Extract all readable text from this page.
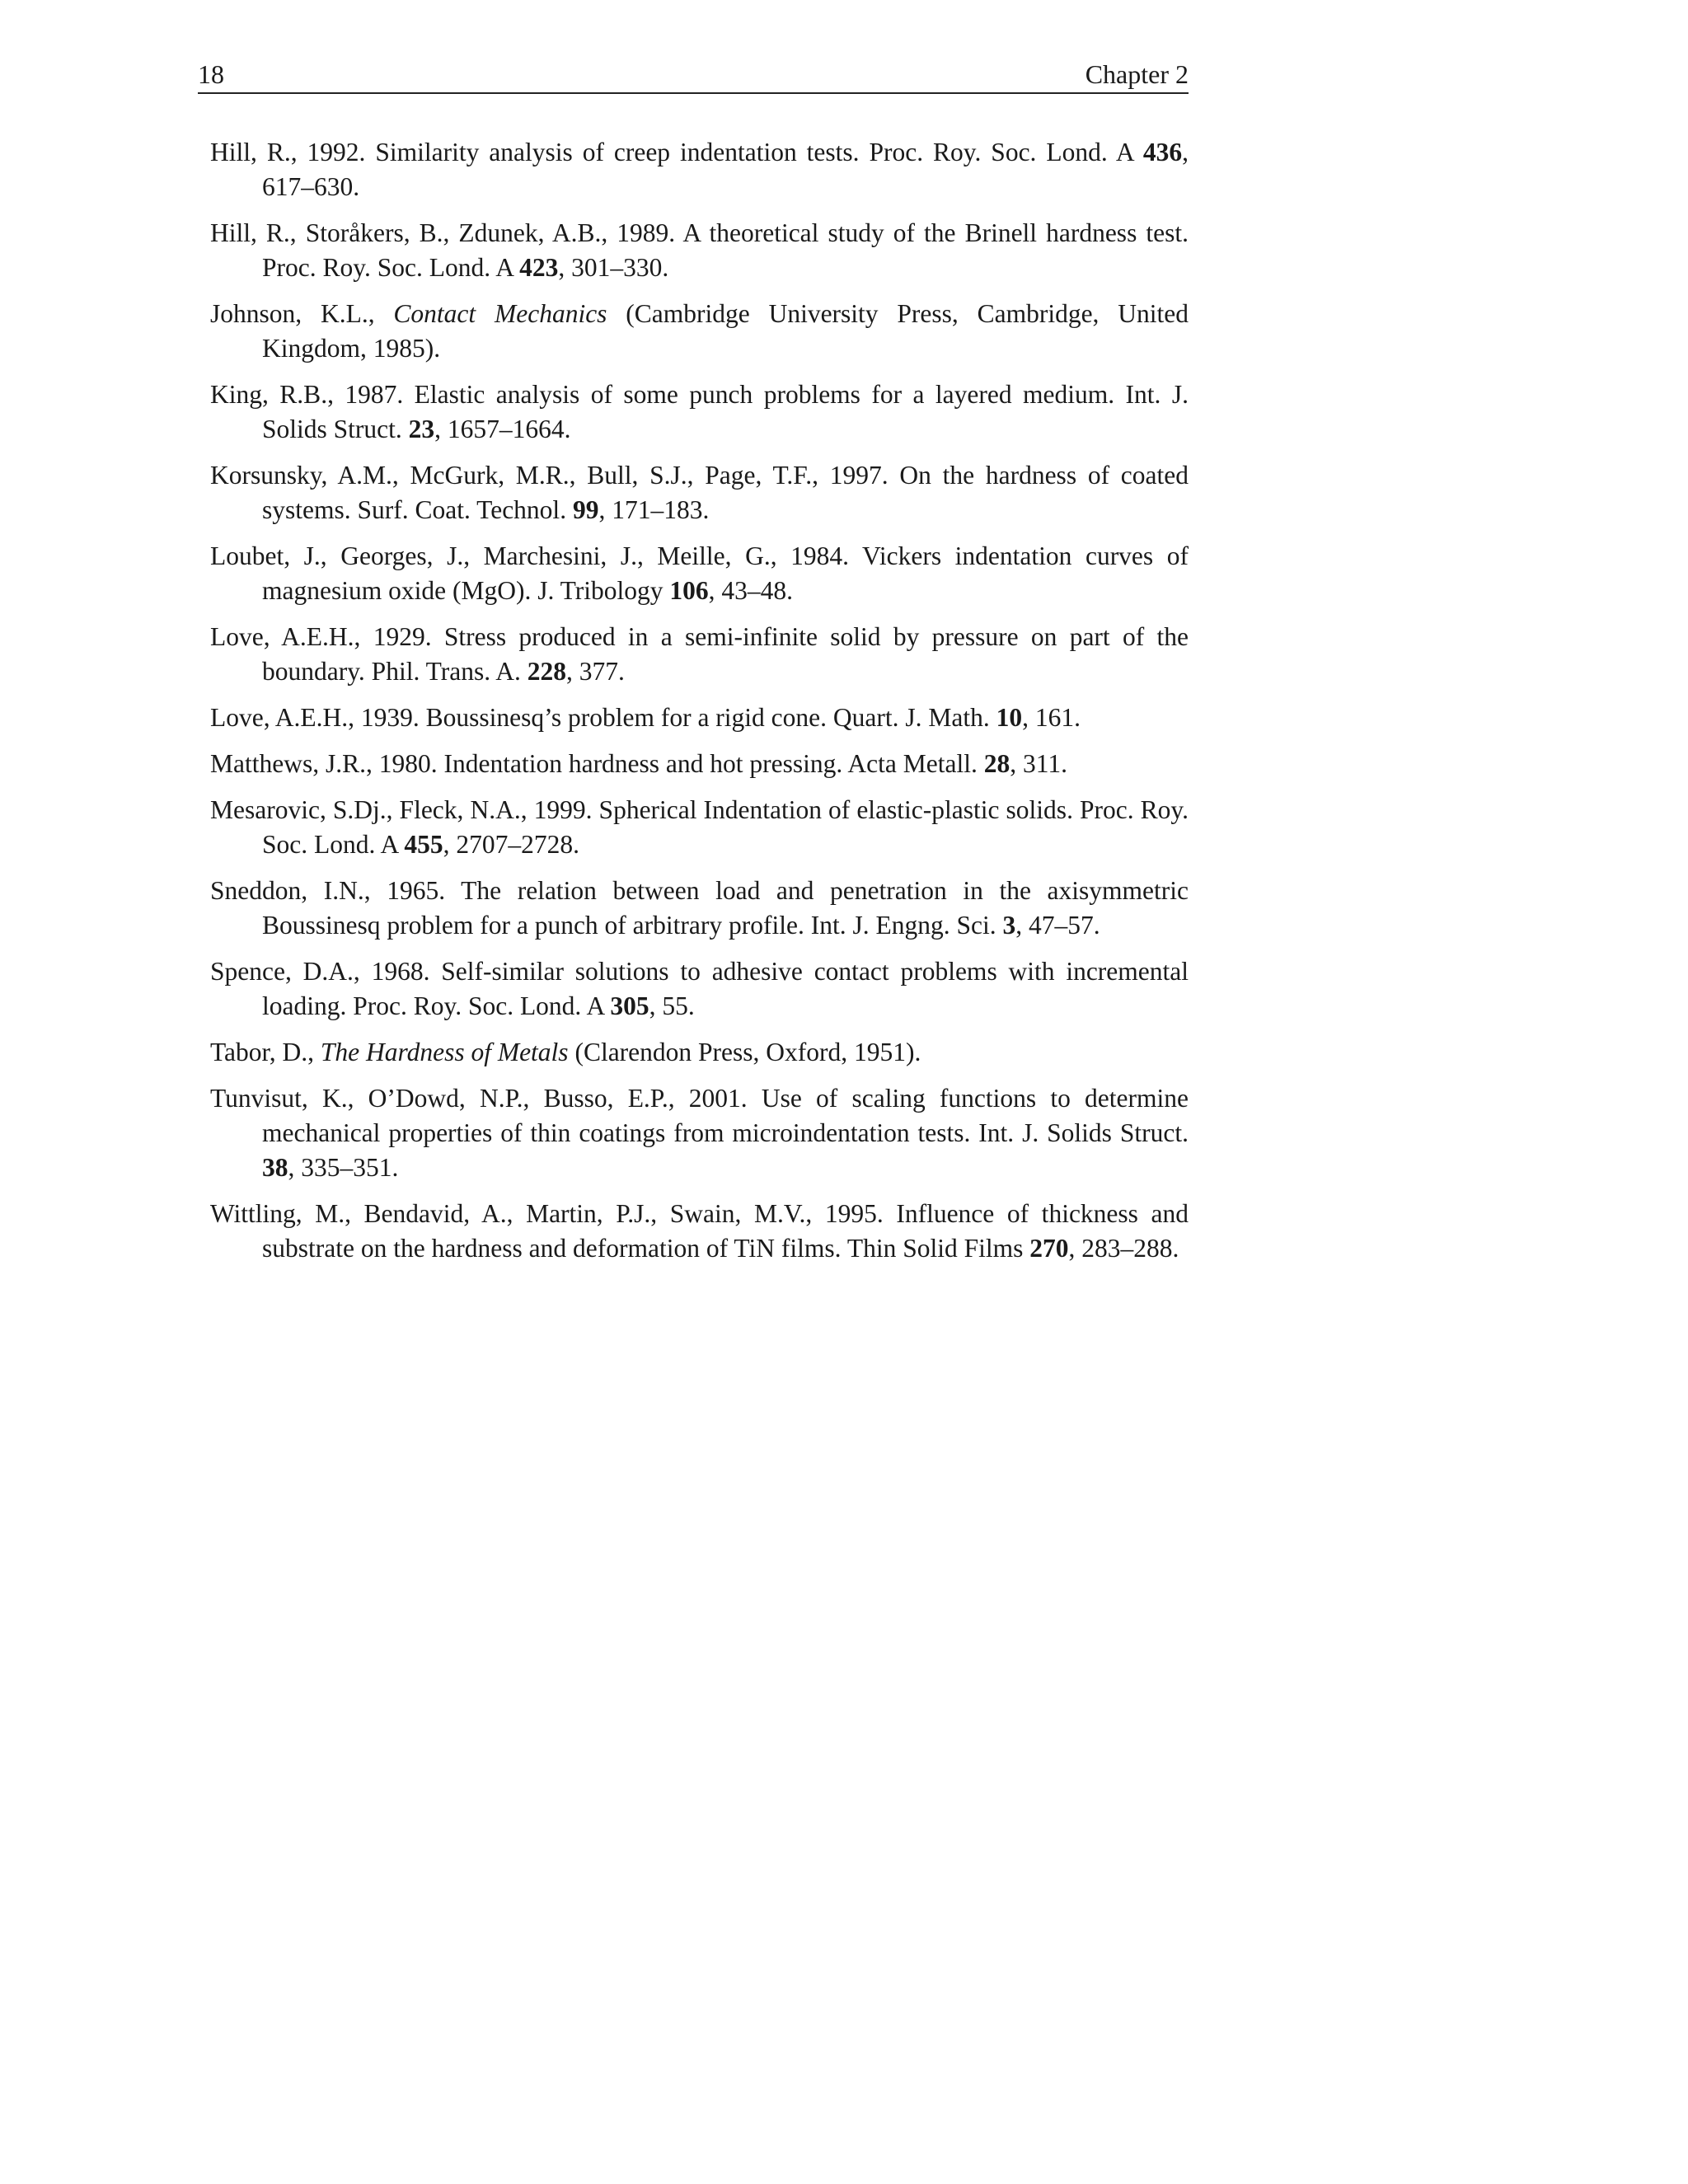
18	Chapter 2
Hill, R., 1992. Similarity analysis of creep indentation tests. Proc. Roy. Soc. Lond. A 436, 617–630.
Hill, R., Storåkers, B., Zdunek, A.B., 1989. A theoretical study of the Brinell hardness test. Proc. Roy. Soc. Lond. A 423, 301–330.
Johnson, K.L., Contact Mechanics (Cambridge University Press, Cambridge, United Kingdom, 1985).
King, R.B., 1987. Elastic analysis of some punch problems for a layered medium. Int. J. Solids Struct. 23, 1657–1664.
Korsunsky, A.M., McGurk, M.R., Bull, S.J., Page, T.F., 1997. On the hardness of coated systems. Surf. Coat. Technol. 99, 171–183.
Loubet, J., Georges, J., Marchesini, J., Meille, G., 1984. Vickers indentation curves of magnesium oxide (MgO). J. Tribology 106, 43–48.
Love, A.E.H., 1929. Stress produced in a semi-infinite solid by pressure on part of the boundary. Phil. Trans. A. 228, 377.
Love, A.E.H., 1939. Boussinesq’s problem for a rigid cone. Quart. J. Math. 10, 161.
Matthews, J.R., 1980. Indentation hardness and hot pressing. Acta Metall. 28, 311.
Mesarovic, S.Dj., Fleck, N.A., 1999. Spherical Indentation of elastic-plastic solids. Proc. Roy. Soc. Lond. A 455, 2707–2728.
Sneddon, I.N., 1965. The relation between load and penetration in the axisymmetric Boussinesq problem for a punch of arbitrary profile. Int. J. Engng. Sci. 3, 47–57.
Spence, D.A., 1968. Self-similar solutions to adhesive contact problems with incremental loading. Proc. Roy. Soc. Lond. A 305, 55.
Tabor, D., The Hardness of Metals (Clarendon Press, Oxford, 1951).
Tunvisut, K., O’Dowd, N.P., Busso, E.P., 2001. Use of scaling functions to determine mechanical properties of thin coatings from microindentation tests. Int. J. Solids Struct. 38, 335–351.
Wittling, M., Bendavid, A., Martin, P.J., Swain, M.V., 1995. Influence of thickness and substrate on the hardness and deformation of TiN films. Thin Solid Films 270, 283–288.
